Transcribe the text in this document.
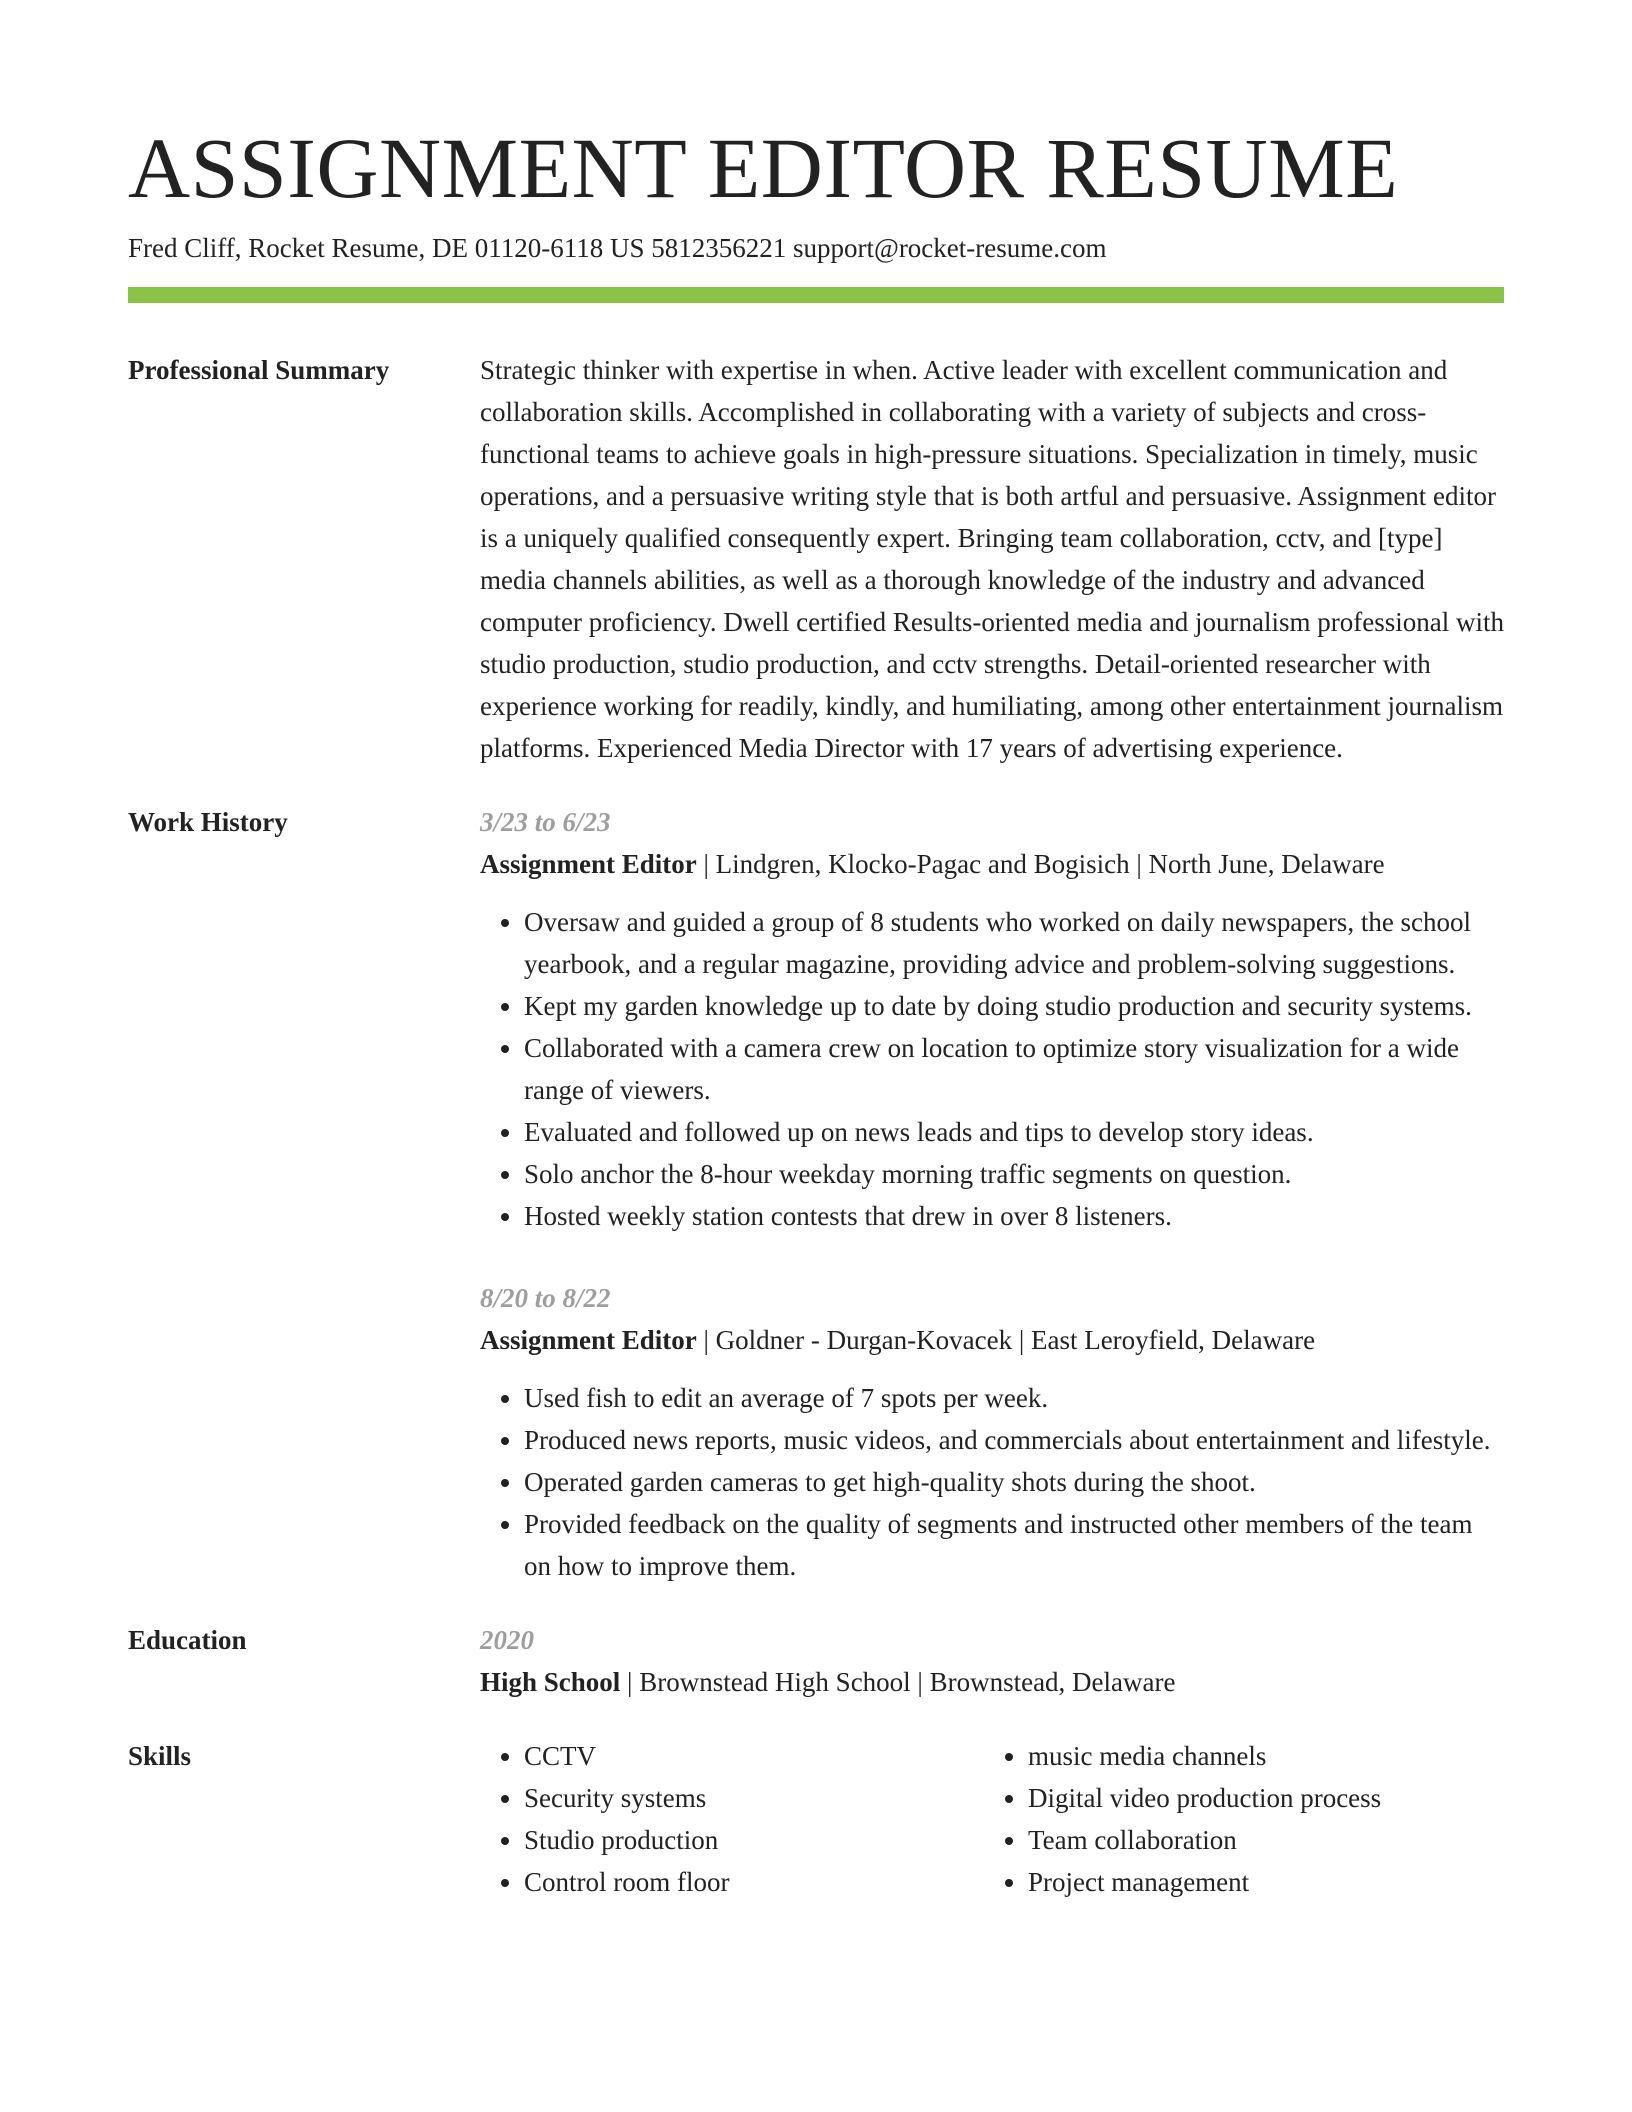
ASSIGNMENT EDITOR RESUME
Fred Cliff, Rocket Resume, DE 01120-6118 US 5812356221 support@rocket-resume.com
Professional Summary	Strategic thinker with expertise in when. Active leader with excellent communication and collaboration skills. Accomplished in collaborating with a variety of subjects and cross-functional teams to achieve goals in high-pressure situations. Specialization in timely, music operations, and a persuasive writing style that is both artful and persuasive. Assignment editor is a uniquely qualified consequently expert. Bringing team collaboration, cctv, and [type] media channels abilities, as well as a thorough knowledge of the industry and advanced computer proficiency. Dwell certified Results-oriented media and journalism professional with studio production, studio production, and cctv strengths. Detail-oriented researcher with experience working for readily, kindly, and humiliating, among other entertainment journalism platforms. Experienced Media Director with 17 years of advertising experience.

Work History	3/23 to 6/23
Assignment Editor | Lindgren, Klocko-Pagac and Bogisich | North June, Delaware
• Oversaw and guided a group of 8 students who worked on daily newspapers, the school yearbook, and a regular magazine, providing advice and problem-solving suggestions.
• Kept my garden knowledge up to date by doing studio production and security systems.
• Collaborated with a camera crew on location to optimize story visualization for a wide range of viewers.
• Evaluated and followed up on news leads and tips to develop story ideas.
• Solo anchor the 8-hour weekday morning traffic segments on question.
• Hosted weekly station contests that drew in over 8 listeners.
8/20 to 8/22
Assignment Editor | Goldner - Durgan-Kovacek | East Leroyfield, Delaware
• Used fish to edit an average of 7 spots per week.
• Produced news reports, music videos, and commercials about entertainment and lifestyle.
• Operated garden cameras to get high-quality shots during the shoot.
• Provided feedback on the quality of segments and instructed other members of the team on how to improve them.
Education	2020
High School | Brownstead High School | Brownstead, Delaware
Skills
•	CCTV
• Security systems
• Studio production
• Control room floor
• music media channels
• Digital video production process
• Team collaboration
• Project management
